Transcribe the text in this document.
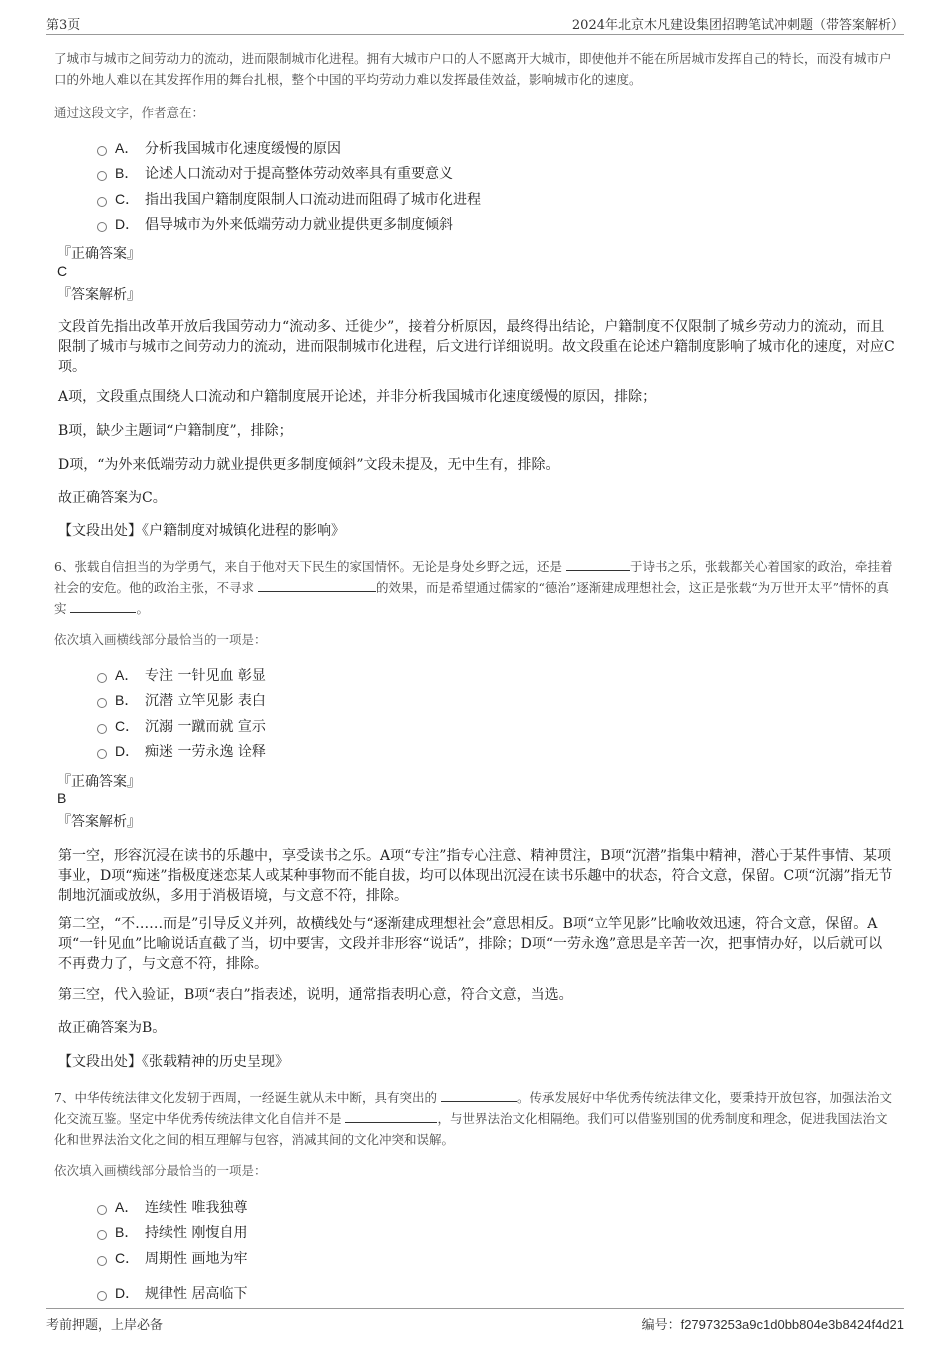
第3页	2024年北京木凡建设集团招聘笔试冲刺题（带答案解析）

了城市与城市之间劳动力的流动，进而限制城市化进程。拥有大城市户口的人不愿离开大城市，即使他并不能在所居城市发挥自己的特长，而没有城市户口的外地人难以在其发挥作用的舞台扎根，整个中国的平均劳动力难以发挥最佳效益，影响城市化的速度。

通过这段文字，作者意在：

A． 分析我国城市化速度缓慢的原因
B． 论述人口流动对于提高整体劳动效率具有重要意义
C． 指出我国户籍制度限制人口流动进而阻碍了城市化进程
D． 倡导城市为外来低端劳动力就业提供更多制度倾斜
『正确答案』
C
『答案解析』

文段首先指出改革开放后我国劳动力“流动多、迁徙少”，接着分析原因，最终得出结论，户籍制度不仅限制了城乡劳动力的流动，而且限制了城市与城市之间劳动力的流动，进而限制城市化进程，后文进行详细说明。故文段重在论述户籍制度影响了城市化的速度，对应C项。

A项，文段重点围绕人口流动和户籍制度展开论述，并非分析我国城市化速度缓慢的原因，排除；

B项，缺少主题词“户籍制度”，排除；

D项，“为外来低端劳动力就业提供更多制度倾斜”文段未提及，无中生有，排除。

故正确答案为C。

【文段出处】《户籍制度对城镇化进程的影响》

6、张载自信担当的为学勇气，来自于他对天下民生的家国情怀。无论是身处乡野之远，还是	于诗书之乐，张载都关心着国家的政治，牵挂着社会的安危。他的政治主张，不寻求	的效果，而是希望通过儒家的“德治”逐渐建成理想社会，这正是张载“为万世开太平”情怀的真实	。

依次填入画横线部分最恰当的一项是：

A． 专注 一针见血 彰显
B． 沉潜 立竿见影 表白
C． 沉溺 一蹴而就 宣示
D． 痴迷 一劳永逸 诠释
『正确答案』
B
『答案解析』

第一空，形容沉浸在读书的乐趣中，享受读书之乐。A项“专注”指专心注意、精神贯注，B项“沉潜”指集中精神，潜心于某件事情、某项事业，D项“痴迷”指极度迷恋某人或某种事物而不能自拔，均可以体现出沉浸在读书乐趣中的状态，符合文意，保留。C项“沉溺”指无节制地沉湎或放纵，多用于消极语境，与文意不符，排除。

第二空，“不……而是”引导反义并列，故横线处与“逐渐建成理想社会”意思相反。B项“立竿见影”比喻收效迅速，符合文意，保留。A项“一针见血”比喻说话直截了当，切中要害，文段并非形容“说话”，排除；D项“一劳永逸”意思是辛苦一次，把事情办好，以后就可以不再费力了，与文意不符，排除。

第三空，代入验证，B项“表白”指表述，说明，通常指表明心意，符合文意，当选。

故正确答案为B。

【文段出处】《张载精神的历史呈现》

7、中华传统法律文化发轫于西周，一经诞生就从未中断，具有突出的	。传承发展好中华优秀传统法律文化，要秉持开放包容，加强法治文化交流互鉴。坚定中华优秀传统法律文化自信并不是	，与世界法治文化相隔绝。我们可以借鉴别国的优秀制度和理念，促进我国法治文化和世界法治文化之间的相互理解与包容，消减其间的文化冲突和误解。

依次填入画横线部分最恰当的一项是：

A． 连续性 唯我独尊
B． 持续性 刚愎自用
C． 周期性 画地为牢
D． 规律性 居高临下
考前押题，上岸必备	编号：f27973253a9c1d0bb804e3b8424f4d21
